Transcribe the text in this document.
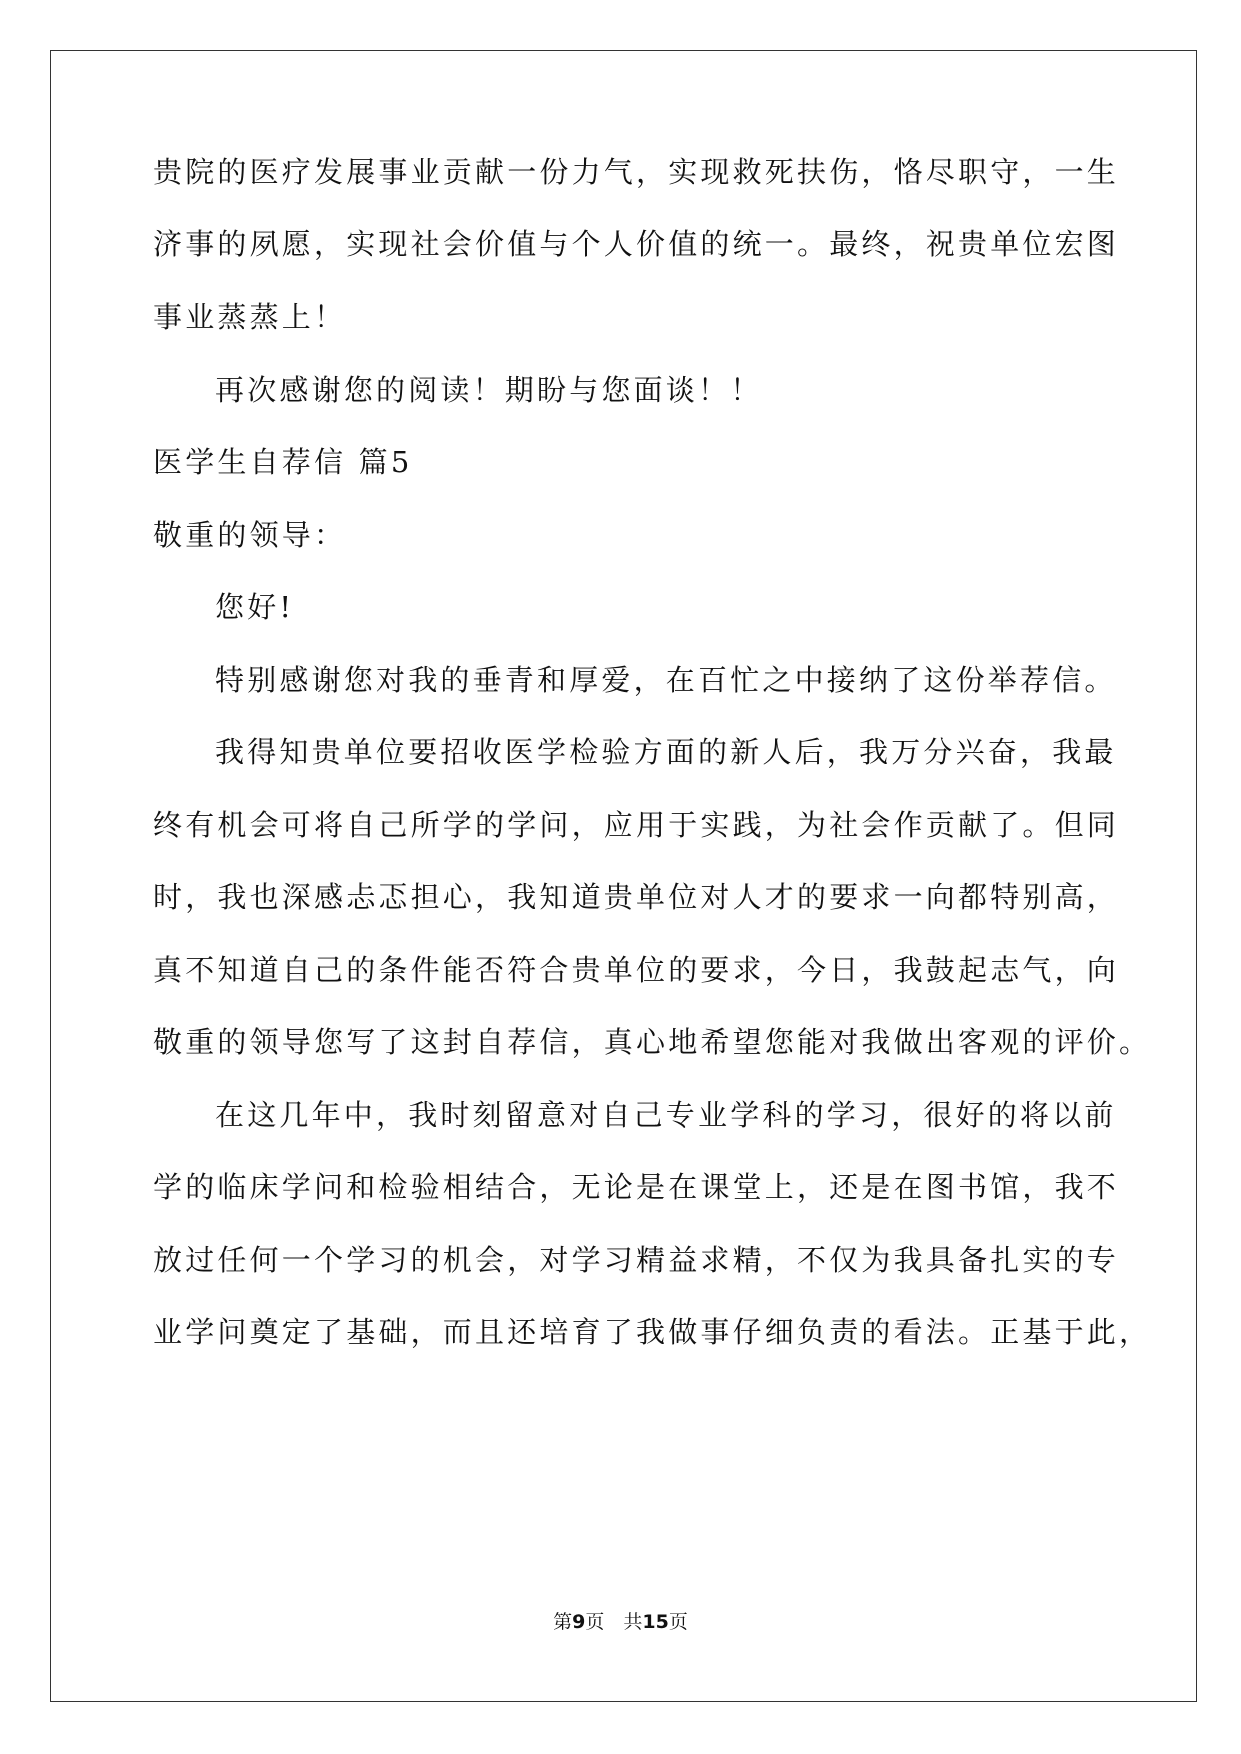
贵院的医疗发展事业贡献一份力气，实现救死扶伤，恪尽职守，一生
济事的夙愿，实现社会价值与个人价值的统一。最终，祝贵单位宏图
事业蒸蒸上！
再次感谢您的阅读！期盼与您面谈！！
医学生自荐信 篇5
敬重的领导：
您好!
特别感谢您对我的垂青和厚爱，在百忙之中接纳了这份举荐信。
我得知贵单位要招收医学检验方面的新人后，我万分兴奋，我最
终有机会可将自己所学的学问，应用于实践，为社会作贡献了。但同
时，我也深感忐忑担心，我知道贵单位对人才的要求一向都特别高，
真不知道自己的条件能否符合贵单位的要求，今日，我鼓起志气，向
敬重的领导您写了这封自荐信，真心地希望您能对我做出客观的评价。
在这几年中，我时刻留意对自己专业学科的学习，很好的将以前
学的临床学问和检验相结合，无论是在课堂上，还是在图书馆，我不
放过任何一个学习的机会，对学习精益求精，不仅为我具备扎实的专
业学问奠定了基础，而且还培育了我做事仔细负责的看法。正基于此，
第9页　共15页
